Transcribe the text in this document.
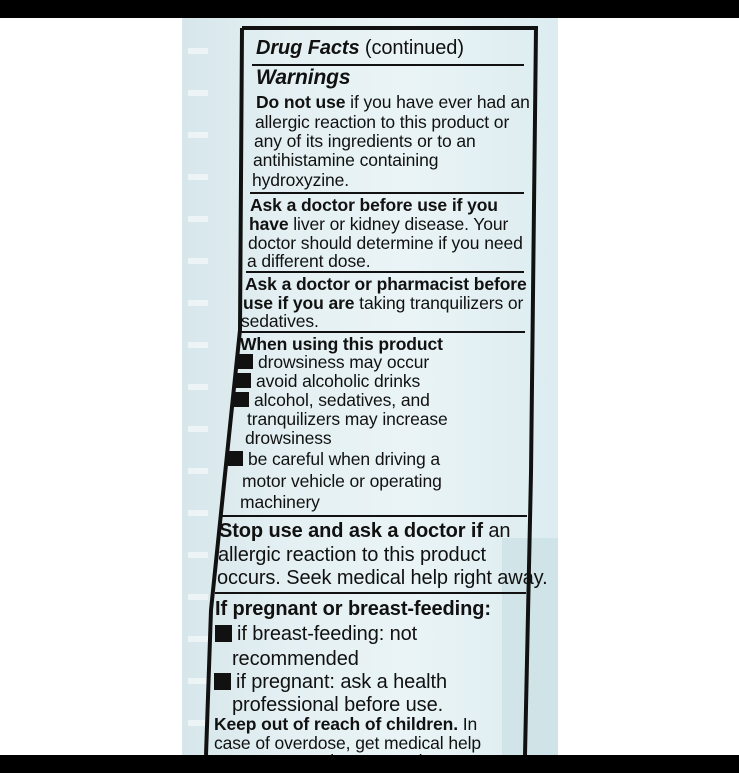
Drug Facts (continued)
Warnings
Do not use if you have ever had an
allergic reaction to this product or
any of its ingredients or to an
antihistamine containing
hydroxyzine.
Ask a doctor before use if you
have liver or kidney disease. Your
doctor should determine if you need
a different dose.
Ask a doctor or pharmacist before
use if you are taking tranquilizers or
sedatives.
When using this product
drowsiness may occur
avoid alcoholic drinks
alcohol, sedatives, and
tranquilizers may increase
drowsiness
be careful when driving a
motor vehicle or operating
machinery
Stop use and ask a doctor if an
allergic reaction to this product
occurs. Seek medical help right away.
If pregnant or breast-feeding:
if breast-feeding: not
recommended
if pregnant: ask a health
professional before use.
Keep out of reach of children. In
case of overdose, get medical help
